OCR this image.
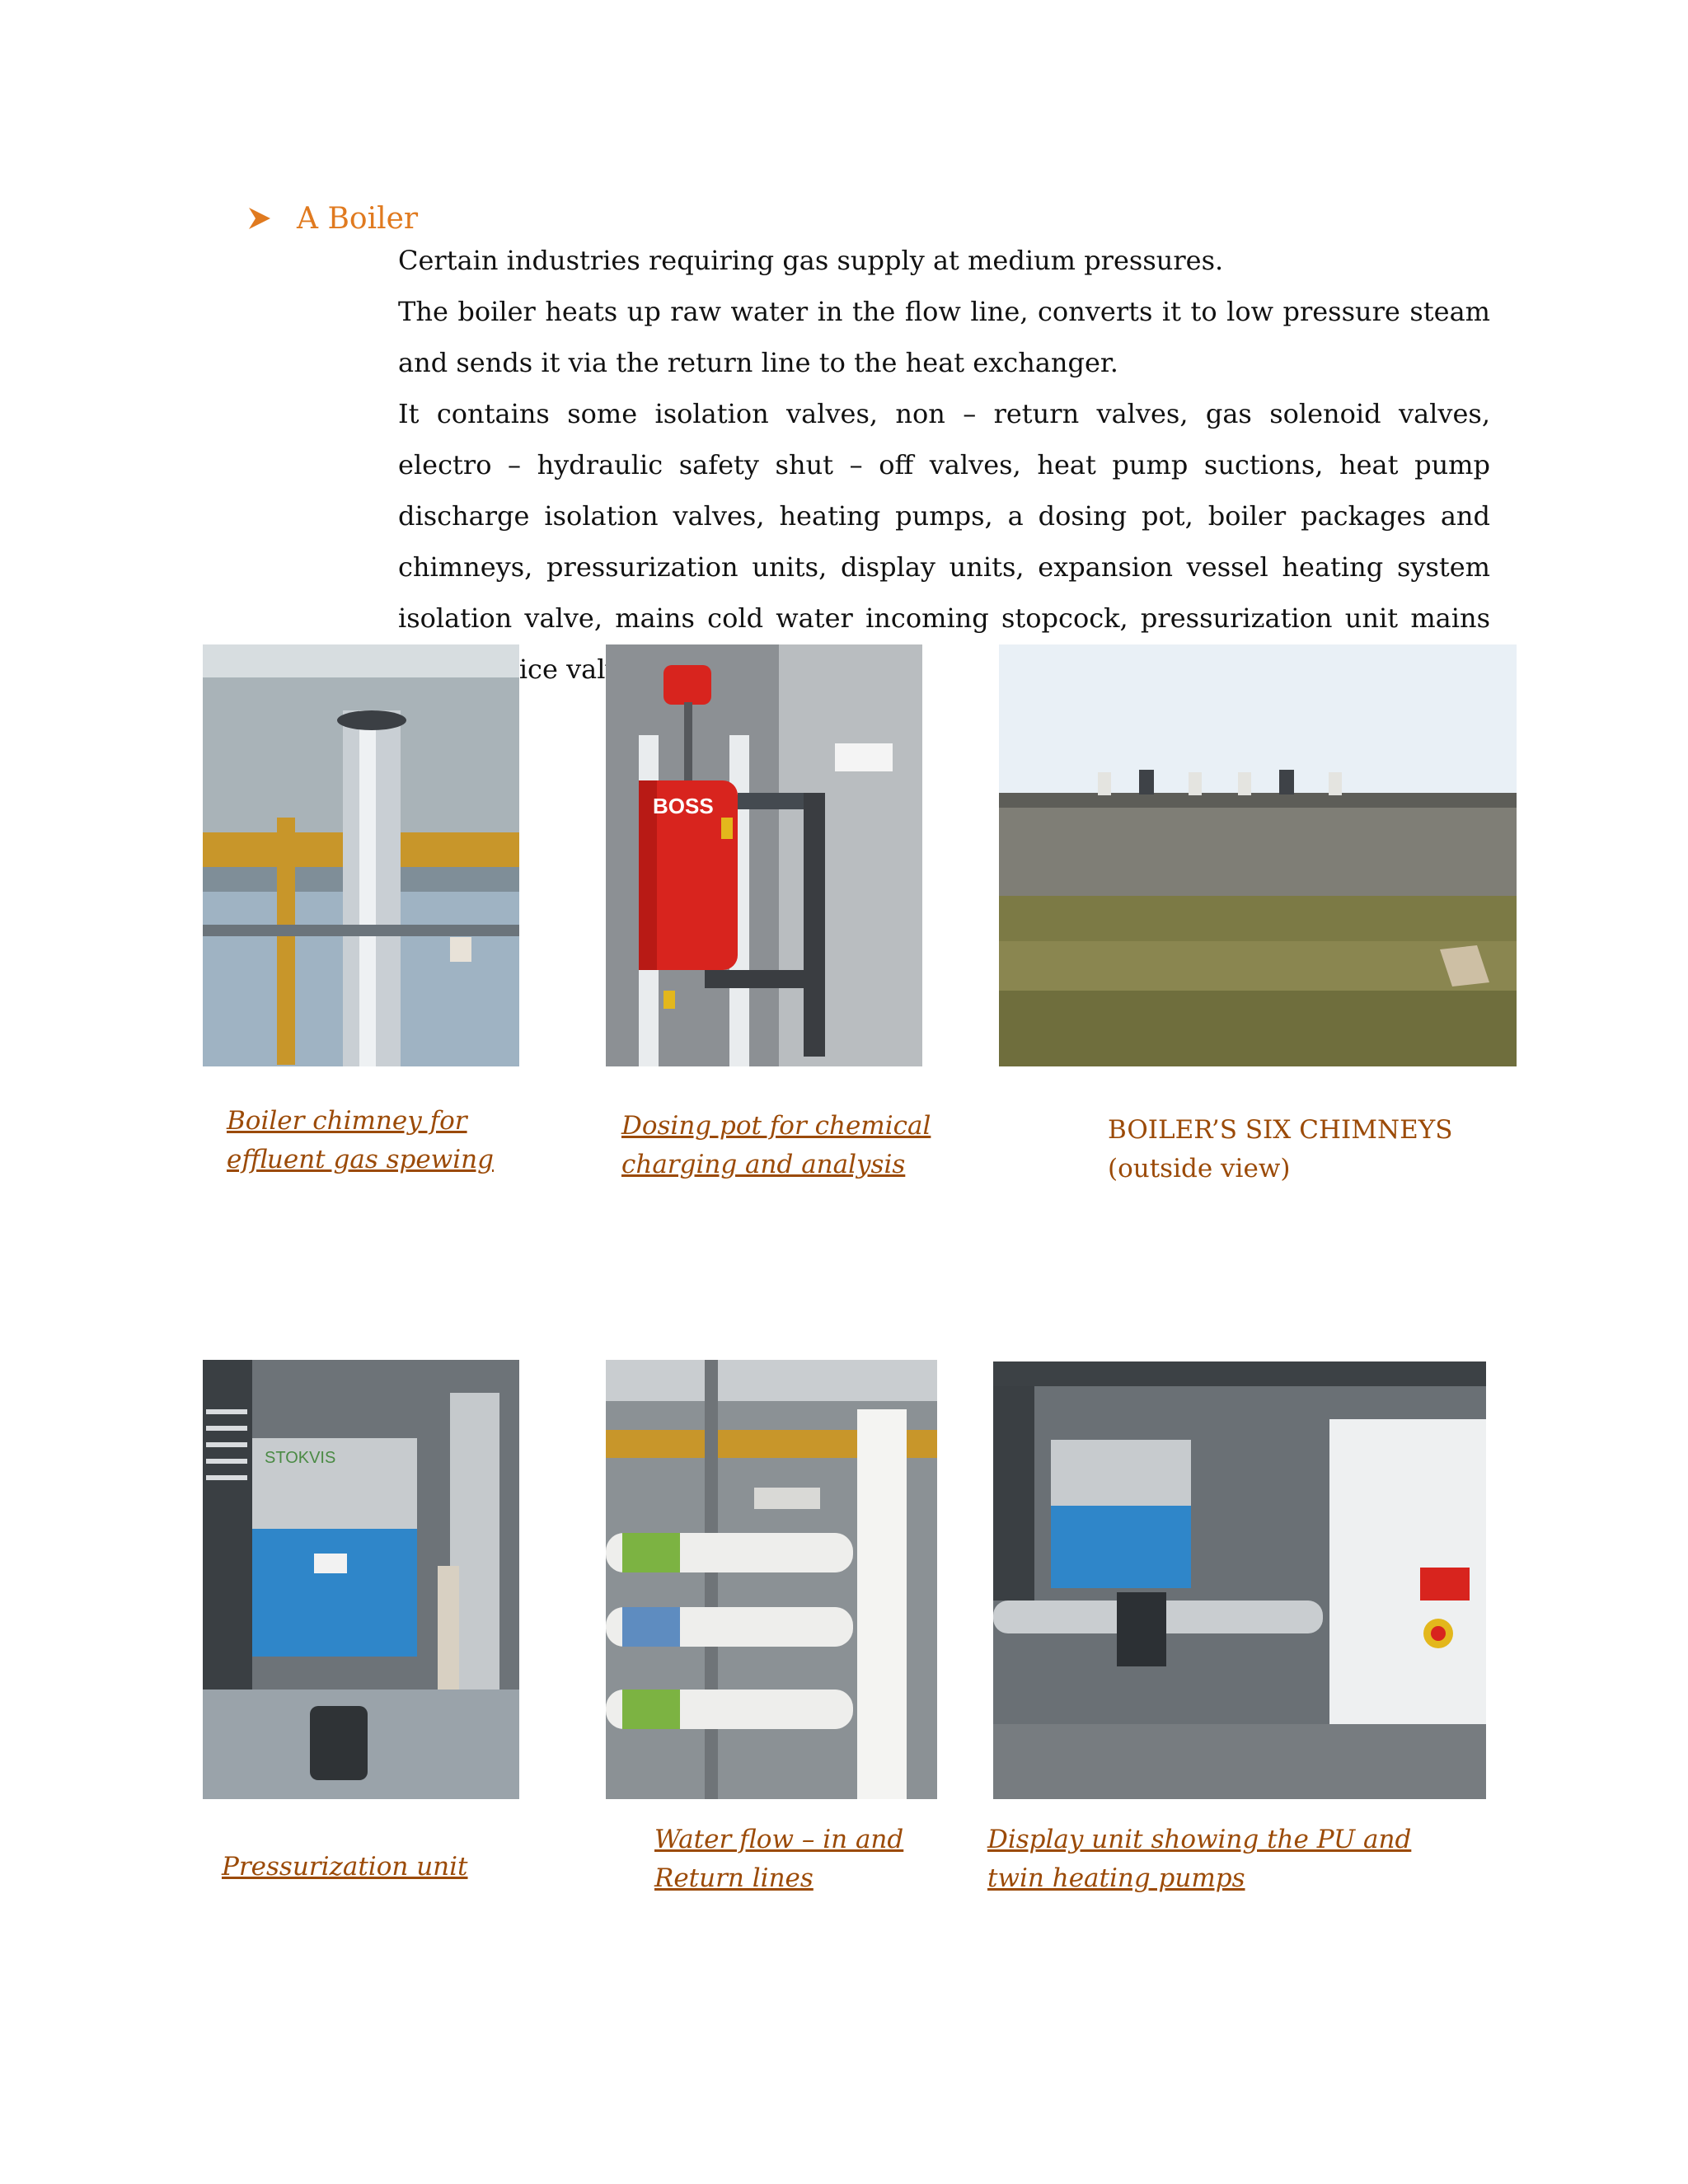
A Boiler

Certain industries requiring gas supply at medium pressures.

The boiler heats up raw water in the flow line, converts it to low pressure steam and sends it via the return line to the heat exchanger.

It contains some isolation valves, non – return valves, gas solenoid valves, electro – hydraulic safety shut – off valves, heat pump suctions, heat pump discharge isolation valves, heating pumps, a dosing pot, boiler packages and chimneys, pressurization units, display units, expansion vessel heating system isolation valve, mains cold water incoming stopcock, pressurization unit mains valve,

BOSS
STOKVIS
Boiler chimney for effluent gas spewing
Dosing pot for chemical charging and analysis
BOILER’S SIX CHIMNEYS (outside view)
Pressurization unit
Water flow – in and Return lines
Display unit showing the PU and twin heating pumps
